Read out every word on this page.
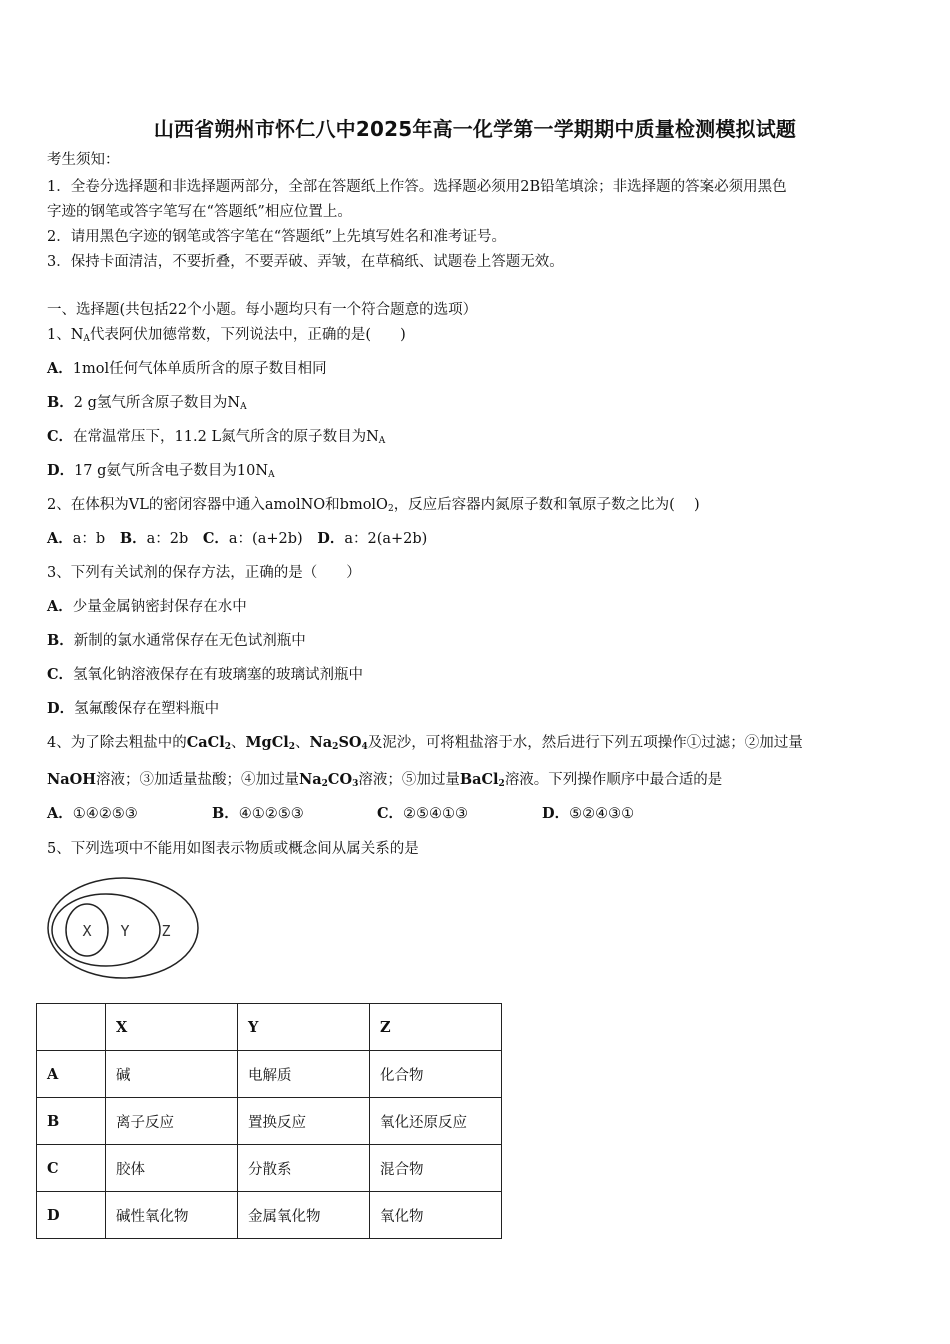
山西省朔州市怀仁八中2025年高一化学第一学期期中质量检测模拟试题
考生须知：
1．全卷分选择题和非选择题两部分，全部在答题纸上作答。选择题必须用2B铅笔填涂；非选择题的答案必须用黑色
字迹的钢笔或答字笔写在“答题纸”相应位置上。
2．请用黑色字迹的钢笔或答字笔在“答题纸”上先填写姓名和准考证号。
3．保持卡面清洁，不要折叠，不要弄破、弄皱，在草稿纸、试题卷上答题无效。
一、选择题(共包括22个小题。每小题均只有一个符合题意的选项）
1、$N_A$代表阿伏加德常数，下列说法中，正确的是(　　)
A．1mol任何气体单质所含的原子数目相同
B．2 g氢气所含原子数目为$N_A$
C．在常温常压下，11.2 L氮气所含的原子数目为$N_A$
D．17 g氨气所含电子数目为$10N_A$
2、在体积为VL的密闭容器中通入amolNO和bmolO$_2$，反应后容器内氮原子数和氧原子数之比为(　 )
A．a：b B．a：2b C．a：(a+2b) D．a：2(a+2b)
3、下列有关试剂的保存方法，正确的是（　　）
A．少量金属钠密封保存在水中
B．新制的氯水通常保存在无色试剂瓶中
C．氢氧化钠溶液保存在有玻璃塞的玻璃试剂瓶中
D．氢氟酸保存在塑料瓶中
4、为了除去粗盐中的CaCl$_2$、MgCl$_2$、$Na_2SO_4$及泥沙，可将粗盐溶于水，然后进行下列五项操作①过滤；②加过量
NaOH溶液；③加适量盐酸；④加过量$Na_2CO_3$溶液；⑤加过量BaCl$_2$溶液。下列操作顺序中最合适的是
A．①④②⑤③	B．④①②⑤③	C．②⑤④①③	D．⑤②④③①
5、下列选项中不能用如图表示物质或概念间从属关系的是
X Y Z
	X	Y	Z
A	碱	电解质	化合物
B	离子反应	置换反应	氧化还原反应
C	胶体	分散系	混合物
D	碱性氧化物	金属氧化物	氧化物
